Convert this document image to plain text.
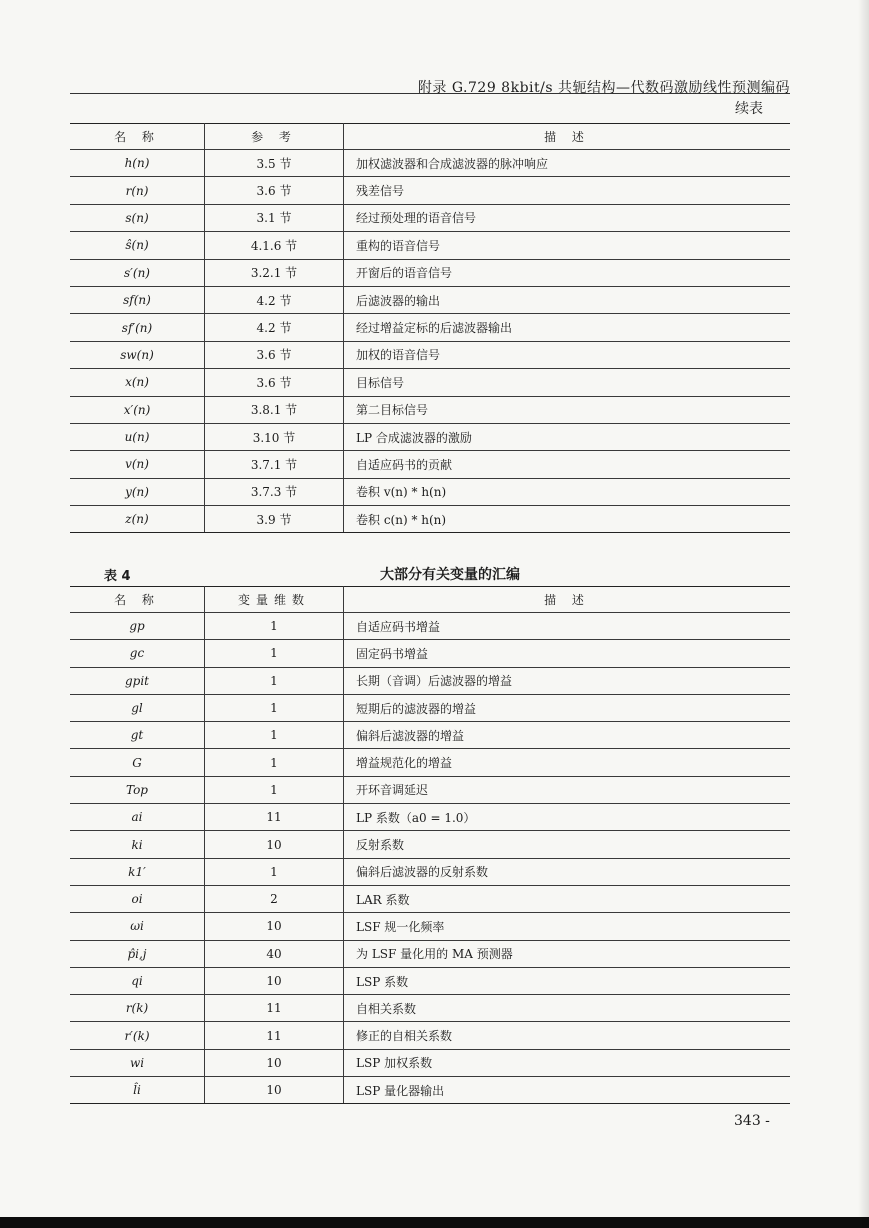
附录 G.729 8kbit/s 共轭结构—代数码激励线性预测编码
续表
名 称	参 考	描 述
h(n)	3.5 节	加权滤波器和合成滤波器的脉冲响应
r(n)	3.6 节	残差信号
s(n)	3.1 节	经过预处理的语音信号
ŝ(n)	4.1.6 节	重构的语音信号
s′(n)	3.2.1 节	开窗后的语音信号
sf(n)	4.2 节	后滤波器的输出
sf′(n)	4.2 节	经过增益定标的后滤波器输出
sw(n)	3.6 节	加权的语音信号
x(n)	3.6 节	目标信号
x′(n)	3.8.1 节	第二目标信号
u(n)	3.10 节	LP 合成滤波器的激励
v(n)	3.7.1 节	自适应码书的贡献
y(n)	3.7.3 节	卷积 v(n) * h(n)
z(n)	3.9 节	卷积 c(n) * h(n)
表 4	大部分有关变量的汇编
名 称	变量维数	描 述
gp	1	自适应码书增益
gc	1	固定码书增益
gpit	1	长期（音调）后滤波器的增益
gl	1	短期后的滤波器的增益
gt	1	偏斜后滤波器的增益
G	1	增益规范化的增益
Top	1	开环音调延迟
ai	11	LP 系数（a0 = 1.0）
ki	10	反射系数
k1′	1	偏斜后滤波器的反射系数
oi	2	LAR 系数
ωi	10	LSF 规一化频率
p̂i,j	40	为 LSF 量化用的 MA 预测器
qi	10	LSP 系数
r(k)	11	自相关系数
r′(k)	11	修正的自相关系数
wi	10	LSP 加权系数
l̂i	10	LSP 量化器输出
343 -
